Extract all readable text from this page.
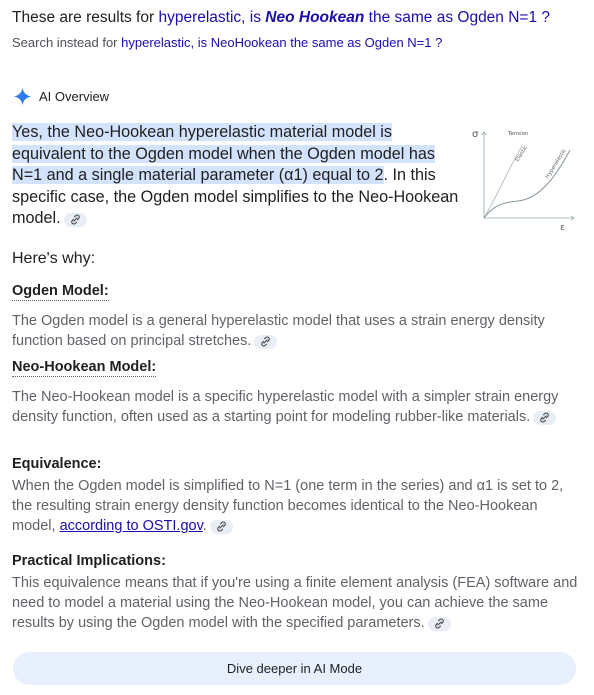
These are results for hyperelastic, is Neo Hookean the same as Ogden N=1 ?
Search instead for hyperelastic, is NeoHookean the same as Ogden N=1 ?
AI Overview
Yes, the Neo-Hookean hyperelastic material model is equivalent to the Ogden model when the Ogden model has N=1 and a single material parameter (α1) equal to 2. In this specific case, the Ogden model simplifies to the Neo-Hookean model.
σ	Tension
Elastic	Hyperelastic
ε
Here's why:
Ogden Model:
The Ogden model is a general hyperelastic model that uses a strain energy density function based on principal stretches.
Neo-Hookean Model:
The Neo-Hookean model is a specific hyperelastic model with a simpler strain energy density function, often used as a starting point for modeling rubber-like materials.
Equivalence:
When the Ogden model is simplified to N=1 (one term in the series) and α1 is set to 2, the resulting strain energy density function becomes identical to the Neo-Hookean model, according to OSTI.gov.
Practical Implications:
This equivalence means that if you're using a finite element analysis (FEA) software and need to model a material using the Neo-Hookean model, you can achieve the same results by using the Ogden model with the specified parameters.
Dive deeper in AI Mode
